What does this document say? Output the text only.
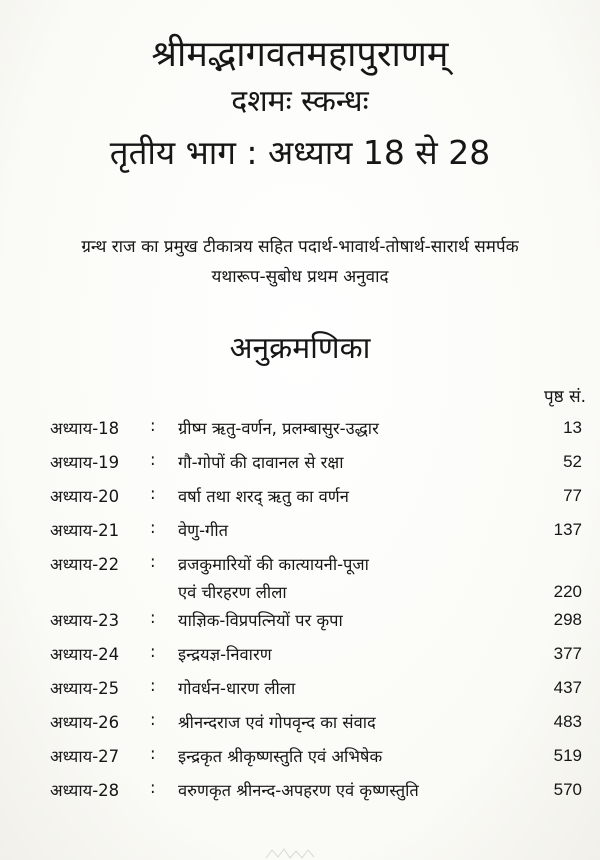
श्रीमद्भागवतमहापुराणम्
दशमः स्कन्धः
तृतीय भाग : अध्याय 18 से 28
ग्रन्थ राज का प्रमुख टीकात्रय सहित पदार्थ-भावार्थ-तोषार्थ-सारार्थ समर्पक
यथारूप-सुबोध प्रथम अनुवाद
अनुक्रमणिका
पृष्ठ सं.
अध्याय-18 : ग्रीष्म ऋतु-वर्णन, प्रलम्बासुर-उद्धार	13
अध्याय-19 : गौ-गोपों की दावानल से रक्षा	52
अध्याय-20 : वर्षा तथा शरद् ऋतु का वर्णन	77
अध्याय-21 : वेणु-गीत	137
अध्याय-22 : व्रजकुमारियों की कात्यायनी-पूजा
एवं चीरहरण लीला	220
अध्याय-23 : याज्ञिक-विप्रपत्नियों पर कृपा	298
अध्याय-24 : इन्द्रयज्ञ-निवारण	377
अध्याय-25 : गोवर्धन-धारण लीला	437
अध्याय-26 : श्रीनन्दराज एवं गोपवृन्द का संवाद	483
अध्याय-27 : इन्द्रकृत श्रीकृष्णस्तुति एवं अभिषेक	519
अध्याय-28 : वरुणकृत श्रीनन्द-अपहरण एवं कृष्णस्तुति	570
